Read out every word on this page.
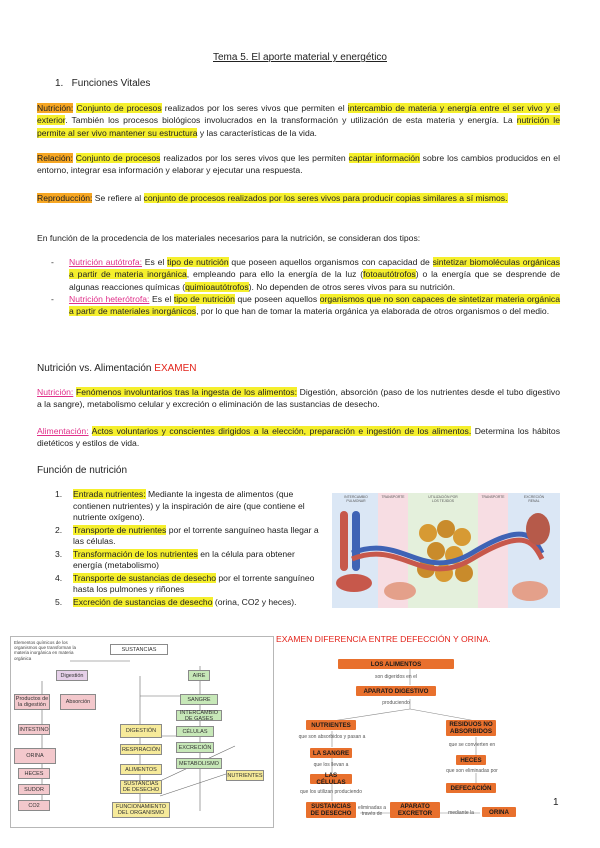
Tema 5. El aporte material y energético
1.   Funciones Vitales

Nutrición: Conjunto de procesos realizados por los seres vivos que permiten el intercambio de materia y energía entre el ser vivo y el exterior. También los procesos biológicos involucrados en la transformación y utilización de esta materia y energía. La nutrición le permite al ser vivo mantener su estructura y las características de la vida.

Relación: Conjunto de procesos realizados por los seres vivos que les permiten captar información sobre los cambios producidos en el entorno, integrar esa información y elaborar y ejecutar una respuesta.

Reproducción: Se refiere al conjunto de procesos realizados por los seres vivos para producir copias similares a sí mismos.

En función de la procedencia de los materiales necesarios para la nutrición, se consideran dos tipos:

- Nutrición autótrofa: Es el tipo de nutrición que poseen aquellos organismos con capacidad de sintetizar biomoléculas orgánicas a partir de materia inorgánica, empleando para ello la energía de la luz (fotoautótrofos) o la energía que se desprende de algunas reacciones químicas (quimioautótrofos). No dependen de otros seres vivos para su nutrición.
- Nutrición heterótrofa: Es el tipo de nutrición que poseen aquellos organismos que no son capaces de sintetizar materia orgánica a partir de materiales inorgánicos, por lo que han de tomar la materia orgánica ya elaborada de otros organismos o del medio.
Nutrición vs. Alimentación EXAMEN

Nutrición: Fenómenos involuntarios tras la ingesta de los alimentos: Digestión, absorción (paso de los nutrientes desde el tubo digestivo a la sangre), metabolismo celular y excreción o eliminación de las sustancias de desecho.

Alimentación: Actos voluntarios y conscientes dirigidos a la elección, preparación e ingestión de los alimentos. Determina los hábitos dietéticos y estilos de vida.

Función de nutrición
1. Entrada nutrientes: Mediante la ingesta de alimentos (que contienen nutrientes) y la inspiración de aire (que contiene el nutriente oxígeno).
2. Transporte de nutrientes por el torrente sanguíneo hasta llegar a las células.
3. Transformación de los nutrientes en la célula para obtener energía (metabolismo)
4. Transporte de sustancias de desecho por el torrente sanguíneo hasta los pulmones y riñones
5. Excreción de sustancias de desecho (orina, CO2 y heces).
INTERCAMBIO
PULMONAR
TRANSPORTE	UTILIZACIÓN POR
LOS TEJIDOS
TRANSPORTE	EXCRECIÓN
RENAL
Elementos químicos de los organismos que transforman la materia inorgánica en materia orgánica
SUSTANCIAS
Digestión
Productos de la digestión	Absorción
AIRE
SANGRE
INTERCAMBIO DE GASES
DIGESTIÓN
INTESTINO	CÉLULAS
RESPIRACIÓN
ORINA
HECES
SUDOR
CO2
EXCRECIÓN
METABOLISMO
ALIMENTOS
SUSTANCIAS DE DESECHO
NUTRIENTES
FUNCIONAMIENTO DEL ORGANISMO
EXAMEN DIFERENCIA ENTRE DEFECCIÓN Y ORINA.
LOS ALIMENTOS
son digeridos en el
APARATO DIGESTIVO
produciendo
NUTRIENTES	RESIDUOS NO ABSORBIDOS
que son absorbidos y pasan a
que se convierten en
LA SANGRE
HECES
que los llevan a
LAS CÉLULAS
que son eliminadas por
DEFECACIÓN
que los utilizan produciendo
SUSTANCIAS DE DESECHO
eliminadas a través de
APARATO EXCRETOR	mediante la	ORINA
1
